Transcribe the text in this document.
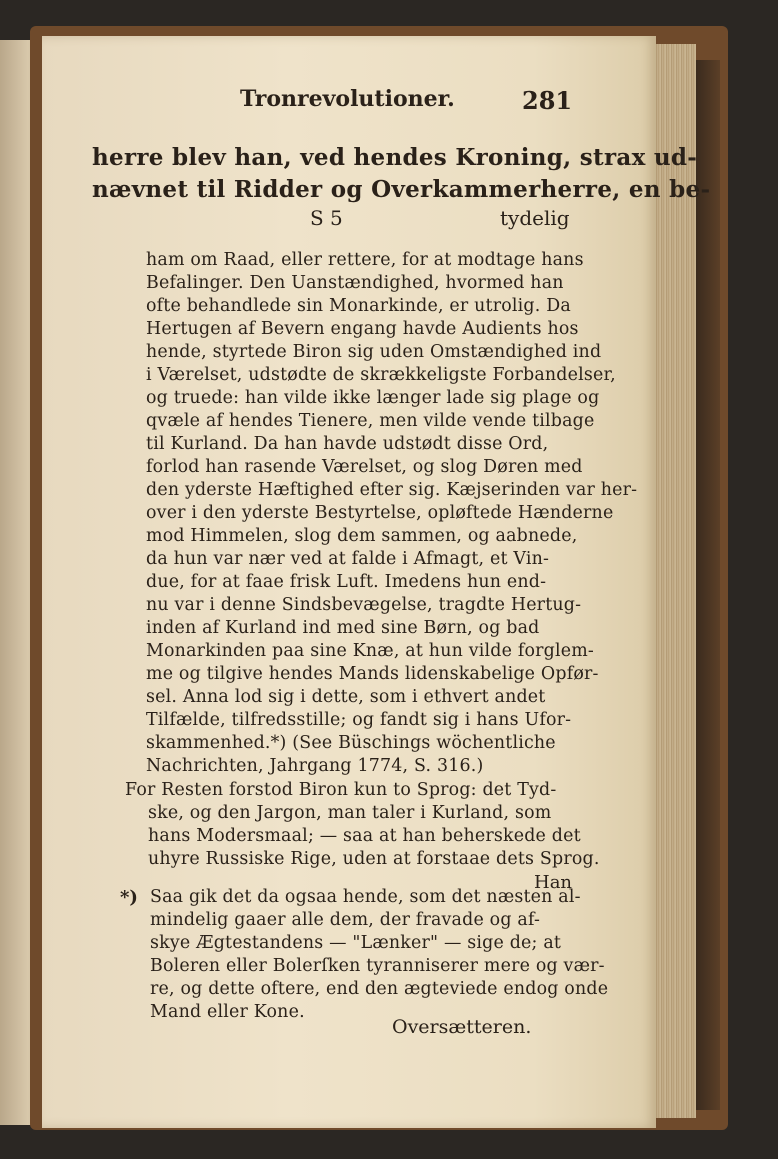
Tronrevolutioner.	281
herre blev han, ved hendes Kroning, strax ud-
nævnet til Ridder og Overkammerherre, en be-
S 5	tydelig
ham om Raad, eller rettere, for at modtage hans
Befalinger. Den Uanstændighed, hvormed han
ofte behandlede sin Monarkinde, er utrolig. Da
Hertugen af Bevern engang havde Audients hos
hende, styrtede Biron sig uden Omstændighed ind
i Værelset, udstødte de skrækkeligste Forbandelser,
og truede: han vilde ikke længer lade sig plage og
qvæle af hendes Tienere, men vilde vende tilbage
til Kurland. Da han havde udstødt disse Ord,
forlod han rasende Værelset, og slog Døren med
den yderste Hæftighed efter sig. Kæjserinden var her-
over i den yderste Bestyrtelse, opløftede Hænderne
mod Himmelen, slog dem sammen, og aabnede,
da hun var nær ved at falde i Afmagt, et Vin-
due, for at faae frisk Luft. Imedens hun end-
nu var i denne Sindsbevægelse, tragdte Hertug-
inden af Kurland ind med sine Børn, og bad
Monarkinden paa sine Knæ, at hun vilde forglem-
me og tilgive hendes Mands lidenskabelige Opfør-
sel. Anna lod sig i dette, som i ethvert andet
Tilfælde, tilfredsstille; og fandt sig i hans Ufor-
skammenhed.*) (See Büschings wöchentliche
Nachrichten, Jahrgang 1774, S. 316.)
For Resten forstod Biron kun to Sprog: det Tyd-
ske, og den Jargon, man taler i Kurland, som
hans Modersmaal; — saa at han beherskede det
uhyre Russiske Rige, uden at forstaae dets Sprog.
Han
*) Saa gik det da ogsaa hende, som det næsten al-
mindelig gaaer alle dem, der fravade og af-
skye Ægtestandens — "Lænker" — sige de; at
Boleren eller Bolerſken tyranniserer mere og vær-
re, og dette oftere, end den ægteviede endog onde
Mand eller Kone.
Oversætteren.
